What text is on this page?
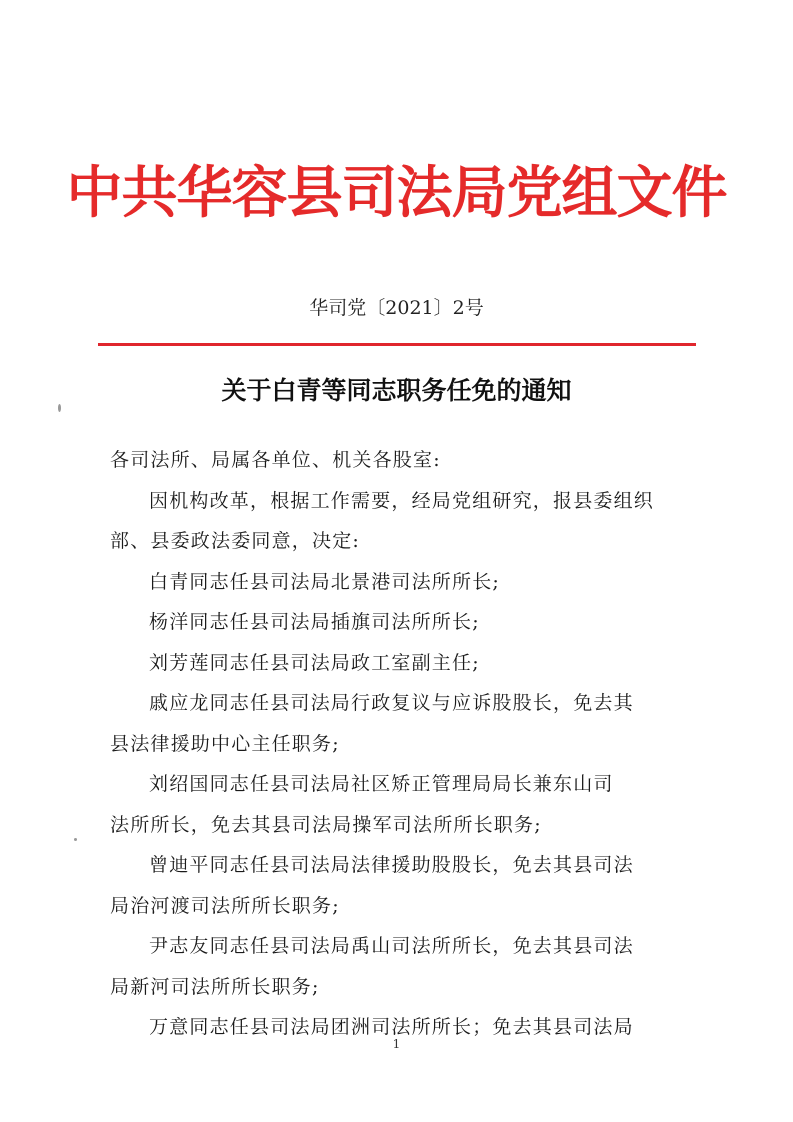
中共华容县司法局党组文件
华司党〔2021〕2号
关于白青等同志职务任免的通知
各司法所、局属各单位、机关各股室:
因机构改革，根据工作需要，经局党组研究，报县委组织
部、县委政法委同意，决定:
白青同志任县司法局北景港司法所所长;
杨洋同志任县司法局插旗司法所所长;
刘芳莲同志任县司法局政工室副主任;
戚应龙同志任县司法局行政复议与应诉股股长，免去其
县法律援助中心主任职务;
刘绍国同志任县司法局社区矫正管理局局长兼东山司
法所所长，免去其县司法局操军司法所所长职务;
曾迪平同志任县司法局法律援助股股长，免去其县司法
局治河渡司法所所长职务;
尹志友同志任县司法局禹山司法所所长，免去其县司法
局新河司法所所长职务;
万意同志任县司法局团洲司法所所长；免去其县司法局
1
